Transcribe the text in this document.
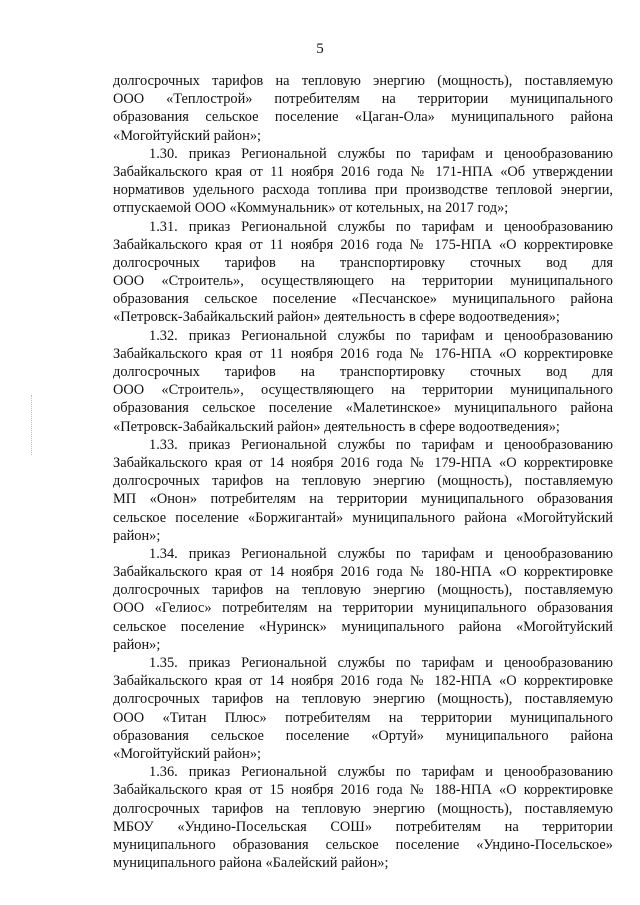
5
долгосрочных тарифов на тепловую энергию (мощность), поставляемую
ООО «Теплострой» потребителям на территории муниципального
образования сельское поселение «Цаган-Ола» муниципального района
«Могойтуйский район»;
1.30. приказ Региональной службы по тарифам и ценообразованию
Забайкальского края от 11 ноября 2016 года № 171-НПА «Об утверждении
нормативов удельного расхода топлива при производстве тепловой энергии,
отпускаемой ООО «Коммунальник» от котельных, на 2017 год»;
1.31. приказ Региональной службы по тарифам и ценообразованию
Забайкальского края от 11 ноября 2016 года № 175-НПА «О корректировке
долгосрочных тарифов на транспортировку сточных вод для
ООО «Строитель», осуществляющего на территории муниципального
образования сельское поселение «Песчанское» муниципального района
«Петровск-Забайкальский район» деятельность в сфере водоотведения»;
1.32. приказ Региональной службы по тарифам и ценообразованию
Забайкальского края от 11 ноября 2016 года № 176-НПА «О корректировке
долгосрочных тарифов на транспортировку сточных вод для
ООО «Строитель», осуществляющего на территории муниципального
образования сельское поселение «Малетинское» муниципального района
«Петровск-Забайкальский район» деятельность в сфере водоотведения»;
1.33. приказ Региональной службы по тарифам и ценообразованию
Забайкальского края от 14 ноября 2016 года № 179-НПА «О корректировке
долгосрочных тарифов на тепловую энергию (мощность), поставляемую
МП «Онон» потребителям на территории муниципального образования
сельское поселение «Боржигантай» муниципального района «Могойтуйский
район»;
1.34. приказ Региональной службы по тарифам и ценообразованию
Забайкальского края от 14 ноября 2016 года № 180-НПА «О корректировке
долгосрочных тарифов на тепловую энергию (мощность), поставляемую
ООО «Гелиос» потребителям на территории муниципального образования
сельское поселение «Нуринск» муниципального района «Могойтуйский
район»;
1.35. приказ Региональной службы по тарифам и ценообразованию
Забайкальского края от 14 ноября 2016 года № 182-НПА «О корректировке
долгосрочных тарифов на тепловую энергию (мощность), поставляемую
ООО «Титан Плюс» потребителям на территории муниципального
образования сельское поселение «Ортуй» муниципального района
«Могойтуйский район»;
1.36. приказ Региональной службы по тарифам и ценообразованию
Забайкальского края от 15 ноября 2016 года № 188-НПА «О корректировке
долгосрочных тарифов на тепловую энергию (мощность), поставляемую
МБОУ «Ундино-Посельская СОШ» потребителям на территории
муниципального образования сельское поселение «Ундино-Посельское»
муниципального района «Балейский район»;
